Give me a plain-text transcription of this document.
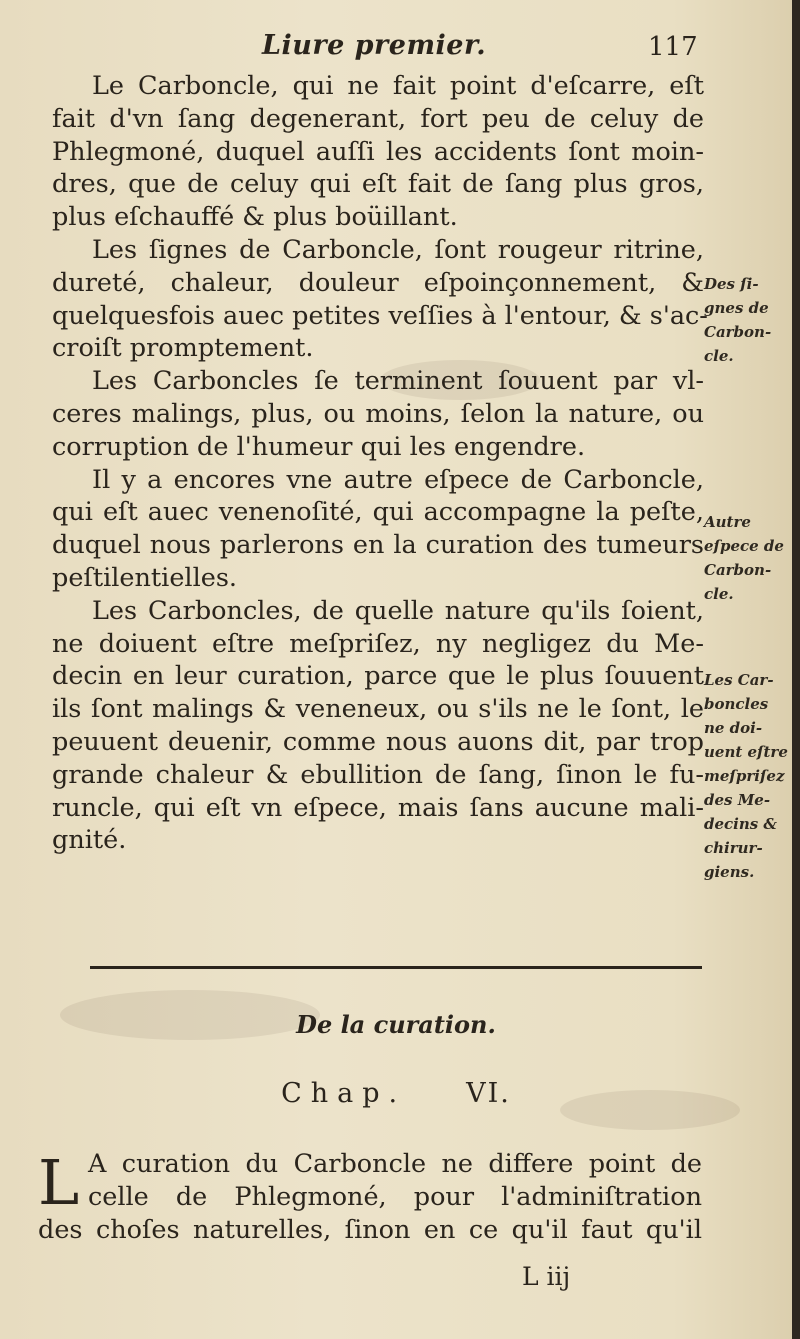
Liure premier.	117

Le Carboncle, qui ne fait point d'eſcarre, eſt
fait d'vn ſang degenerant, fort peu de celuy de
Phlegmoné, duquel auſſi les accidents ſont moin-
dres, que de celuy qui eſt fait de ſang plus gros,
plus eſchauffé & plus boüillant.

Les ſignes de Carboncle, ſont rougeur ritrine,
dureté, chaleur, douleur eſpoinçonnement, &
quelquesfois auec petites veſſies à l'entour, & s'ac-
croiſt promptement.

Les Carboncles ſe terminent ſouuent par vl-
ceres malings, plus, ou moins, ſelon la nature, ou
corruption de l'humeur qui les engendre.

Il y a encores vne autre eſpece de Carboncle,
qui eſt auec venenoſité, qui accompagne la peſte,
duquel nous parlerons en la curation des tumeurs
peſtilentielles.

Les Carboncles, de quelle nature qu'ils ſoient,
ne doiuent eſtre meſpriſez, ny negligez du Me-
decin en leur curation, parce que le plus ſouuent
ils ſont malings & veneneux, ou s'ils ne le ſont, le
peuuent deuenir, comme nous auons dit, par trop
grande chaleur & ebullition de ſang, ſinon le fu-
runcle, qui eſt vn eſpece, mais ſans aucune mali-
gnité.

Des ſi-
gnes de
Carbon-
cle.
Autre
eſpece de
Carbon-
cle.
Les Car-
boncles
ne doi-
uent eſtre
meſpriſez
des Me-
decins &
chirur-
giens.
De la curation.
Chap. VI.
L A curation du Carboncle ne differe point de
celle de Phlegmoné, pour l'adminiſtration
des choſes naturelles, ſinon en ce qu'il faut qu'il
L iij
